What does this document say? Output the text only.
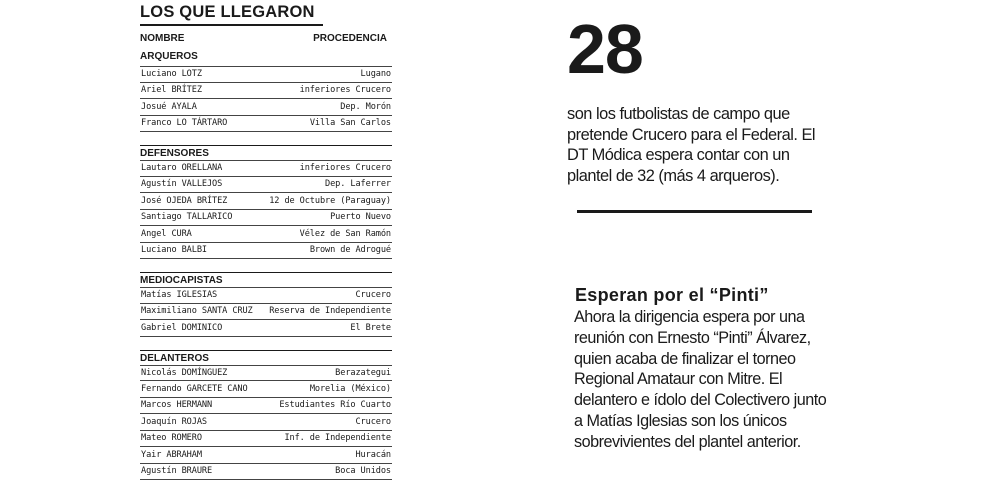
LOS QUE LLEGARON
NOMBRE	PROCEDENCIA
ARQUEROS
Luciano LOTZ	Lugano
Ariel BRÍTEZ	inferiores Crucero
Josué AYALA	Dep. Morón
Franco LO TÁRTARO	Villa San Carlos
DEFENSORES
Lautaro ORELLANA	inferiores Crucero
Agustín VALLEJOS	Dep. Laferrer
José OJEDA BRÍTEZ	12 de Octubre (Paraguay)
Santiago TALLARICO	Puerto Nuevo
Angel CURA	Vélez de San Ramón
Luciano BALBI	Brown de Adrogué
MEDIOCAPISTAS
Matías IGLESIAS	Crucero
Maximiliano SANTA CRUZ Reserva de Independiente
Gabriel DOMINICO	El Brete
DELANTEROS
Nicolás DOMÍNGUEZ	Berazategui
Fernando GARCETE CANO	Morelia (México)
Marcos HERMANN	Estudiantes Río Cuarto
Joaquín ROJAS	Crucero
Mateo ROMERO	Inf. de Independiente
Yair ABRAHAM	Huracán
Agustín BRAURE	Boca Unidos
28
son los futbolistas de campo que pretende Crucero para el Federal. El DT Módica espera contar con un plantel de 32 (más 4 arqueros).
Esperan por el “Pinti”
Ahora la dirigencia espera por una reunión con Ernesto “Pinti” Álvarez, quien acaba de finalizar el torneo Regional Amataur con Mitre. El delantero e ídolo del Colectivero junto a Matías Iglesias son los únicos sobrevivientes del plantel anterior.
